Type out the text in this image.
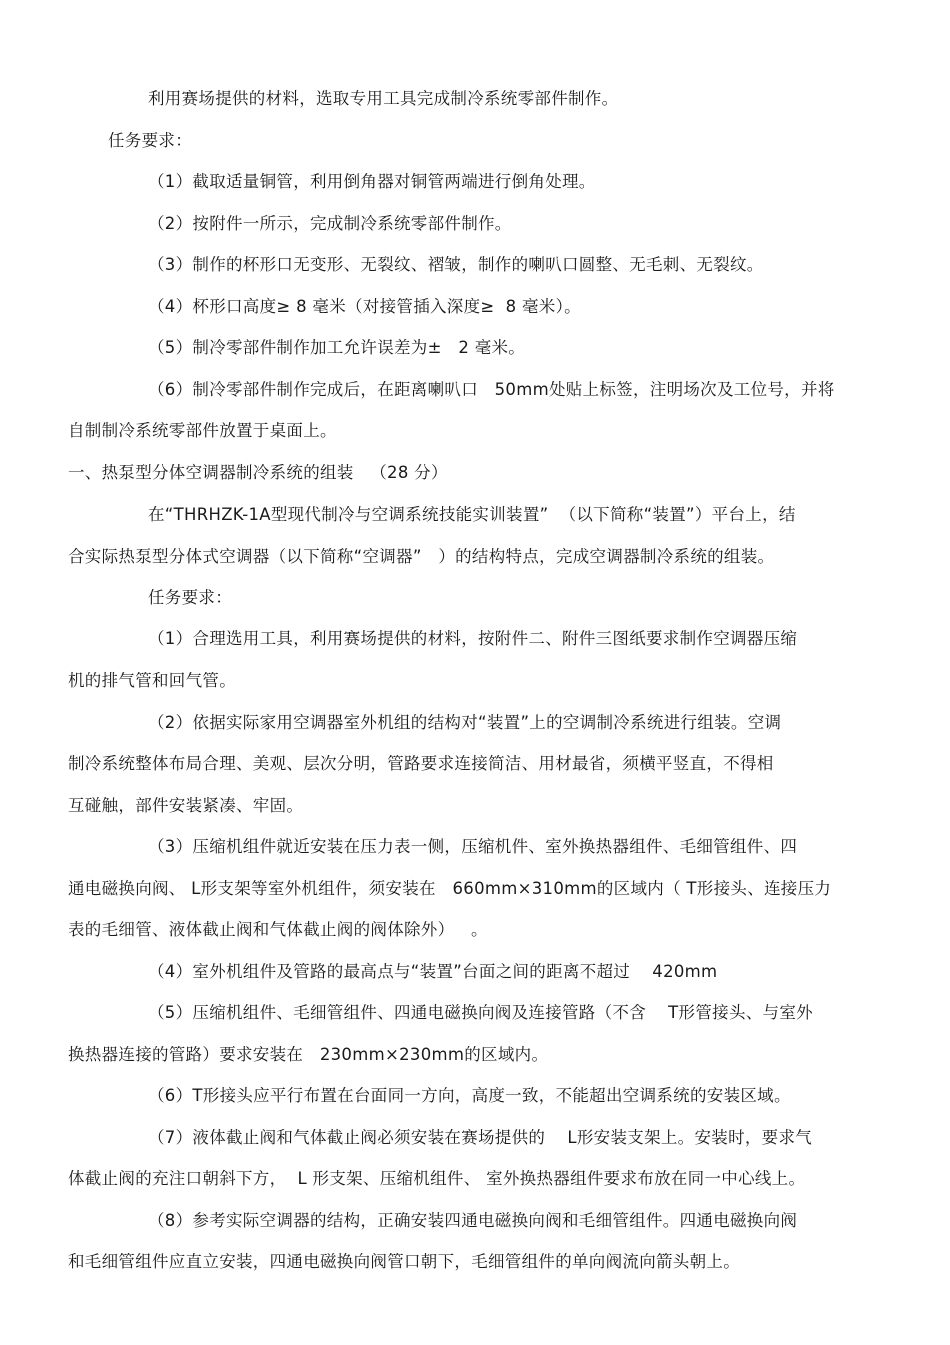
利用赛场提供的材料，选取专用工具完成制冷系统零部件制作。
任务要求：
（1）截取适量铜管，利用倒角器对铜管两端进行倒角处理。
（2）按附件一所示，完成制冷系统零部件制作。
（3）制作的杯形口无变形、无裂纹、褶皱，制作的喇叭口圆整、无毛刺、无裂纹。
（4）杯形口高度≥ 8 毫米（对接管插入深度≥  8 毫米）。
（5）制冷零部件制作加工允许误差为±   2 毫米。
（6）制冷零部件制作完成后，在距离喇叭口   50mm处贴上标签，注明场次及工位号，并将
自制制冷系统零部件放置于桌面上。
一、热泵型分体空调器制冷系统的组装   （28 分）
在“THRHZK-1A型现代制冷与空调系统技能实训装置”  （以下简称“装置”）平台上，结
合实际热泵型分体式空调器（以下简称“空调器”   ）的结构特点，完成空调器制冷系统的组装。
任务要求：
（1）合理选用工具，利用赛场提供的材料，按附件二、附件三图纸要求制作空调器压缩
机的排气管和回气管。
（2）依据实际家用空调器室外机组的结构对“装置”上的空调制冷系统进行组装。空调
制冷系统整体布局合理、美观、层次分明，管路要求连接简洁、用材最省，须横平竖直，不得相
互碰触，部件安装紧凑、牢固。
（3）压缩机组件就近安装在压力表一侧，压缩机件、室外换热器组件、毛细管组件、四
通电磁换向阀、 L形支架等室外机组件，须安装在   660mm×310mm的区域内（ T形接头、连接压力
表的毛细管、液体截止阀和气体截止阀的阀体除外）   。
（4）室外机组件及管路的最高点与“装置”台面之间的距离不超过    420mm
（5）压缩机组件、毛细管组件、四通电磁换向阀及连接管路（不含    T形管接头、与室外
换热器连接的管路）要求安装在   230mm×230mm的区域内。
（6）T形接头应平行布置在台面同一方向，高度一致，不能超出空调系统的安装区域。
（7）液体截止阀和气体截止阀必须安装在赛场提供的    L形安装支架上。安装时，要求气
体截止阀的充注口朝斜下方，  L 形支架、压缩机组件、 室外换热器组件要求布放在同一中心线上。
（8）参考实际空调器的结构，正确安装四通电磁换向阀和毛细管组件。四通电磁换向阀
和毛细管组件应直立安装，四通电磁换向阀管口朝下，毛细管组件的单向阀流向箭头朝上。
